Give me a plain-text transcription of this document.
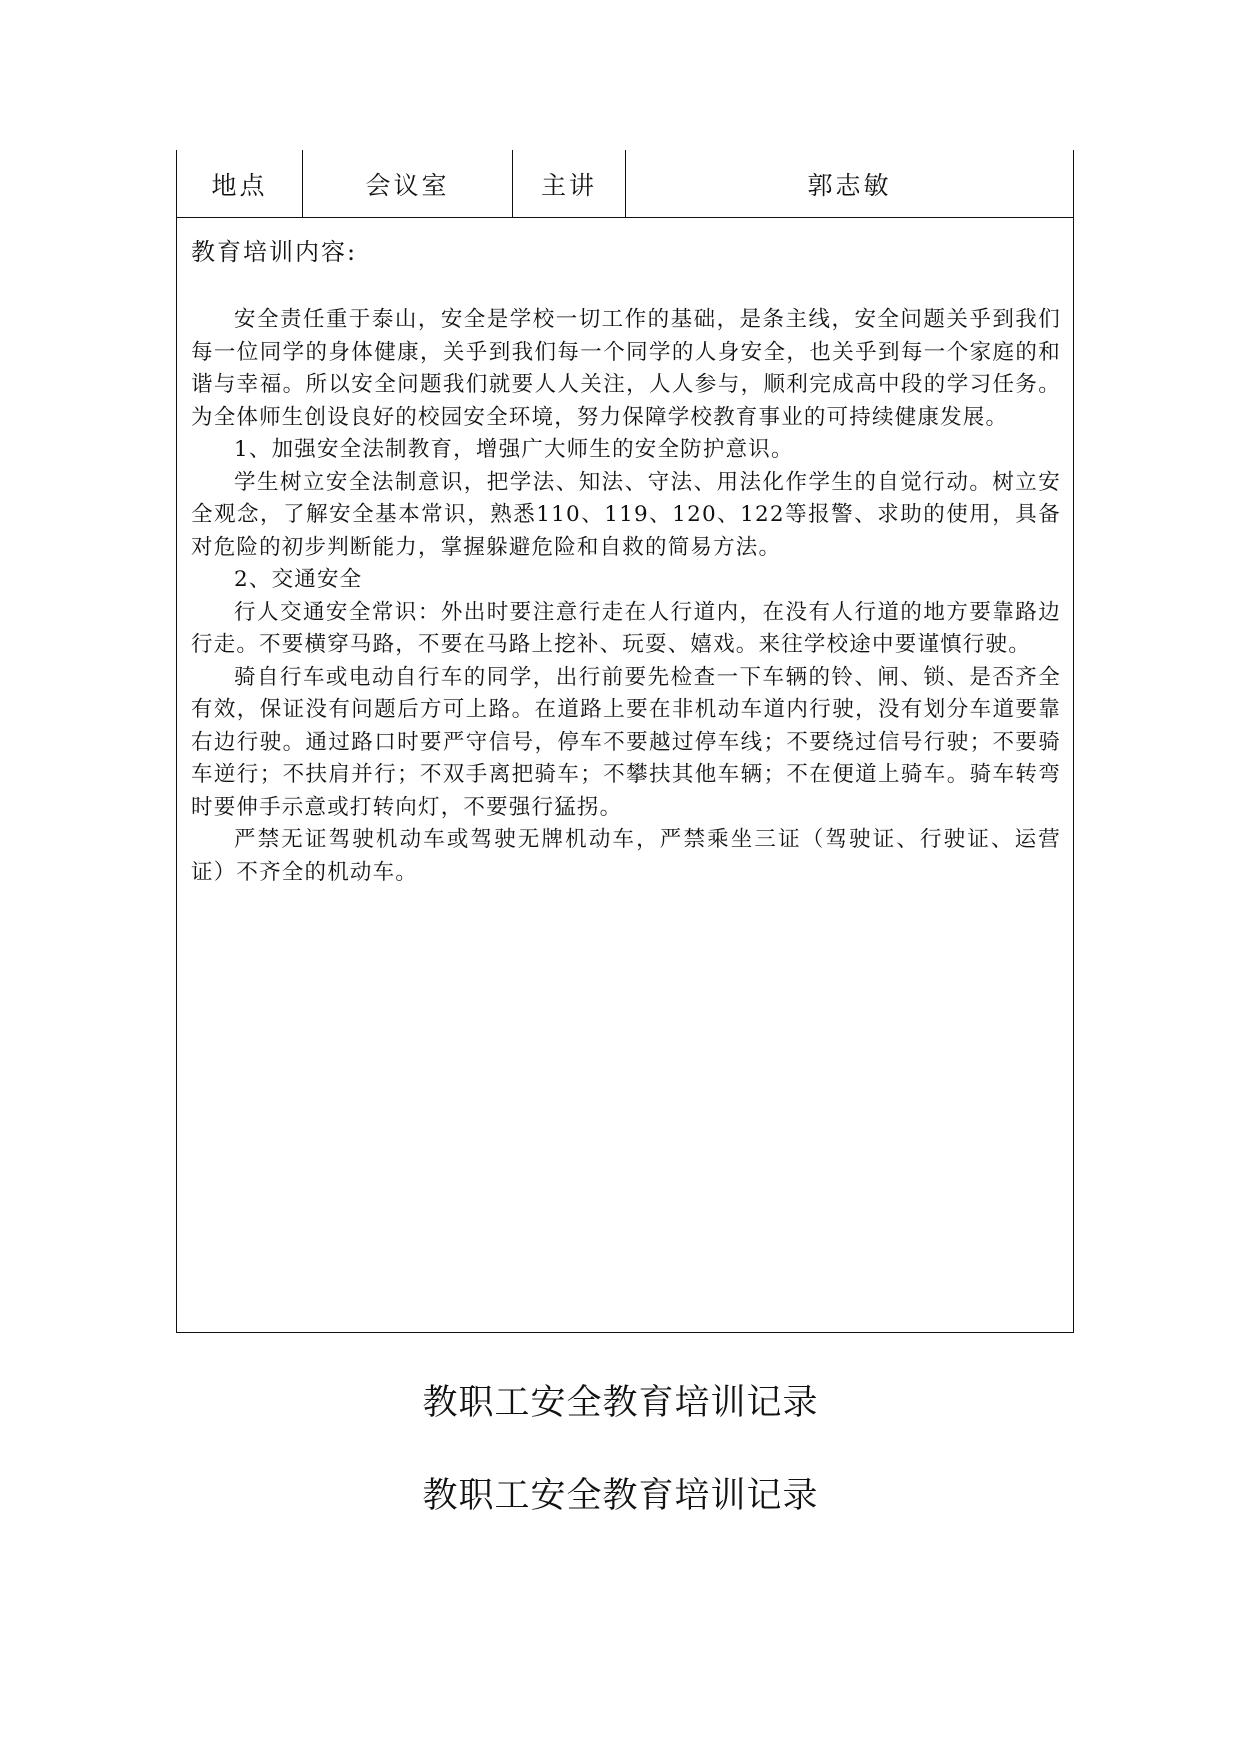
地点	会议室	主讲	郭志敏
教育培训内容:

安全责任重于泰山，安全是学校一切工作的基础，是条主线，安全问题关乎到我们每一位同学的身体健康，关乎到我们每一个同学的人身安全，也关乎到每一个家庭的和谐与幸福。所以安全问题我们就要人人关注，人人参与，顺利完成高中段的学习任务。为全体师生创设良好的校园安全环境，努力保障学校教育事业的可持续健康发展。

1、加强安全法制教育，增强广大师生的安全防护意识。

学生树立安全法制意识，把学法、知法、守法、用法化作学生的自觉行动。树立安全观念，了解安全基本常识，熟悉110、119、120、122等报警、求助的使用，具备对危险的初步判断能力，掌握躲避危险和自救的简易方法。

2、交通安全

行人交通安全常识：外出时要注意行走在人行道内，在没有人行道的地方要靠路边行走。不要横穿马路，不要在马路上挖补、玩耍、嬉戏。来往学校途中要谨慎行驶。

骑自行车或电动自行车的同学，出行前要先检查一下车辆的铃、闸、锁、是否齐全有效，保证没有问题后方可上路。在道路上要在非机动车道内行驶，没有划分车道要靠右边行驶。通过路口时要严守信号，停车不要越过停车线；不要绕过信号行驶；不要骑车逆行；不扶肩并行；不双手离把骑车；不攀扶其他车辆；不在便道上骑车。骑车转弯时要伸手示意或打转向灯，不要强行猛拐。

严禁无证驾驶机动车或驾驶无牌机动车，严禁乘坐三证（驾驶证、行驶证、运营证）不齐全的机动车。

教职工安全教育培训记录
教职工安全教育培训记录
